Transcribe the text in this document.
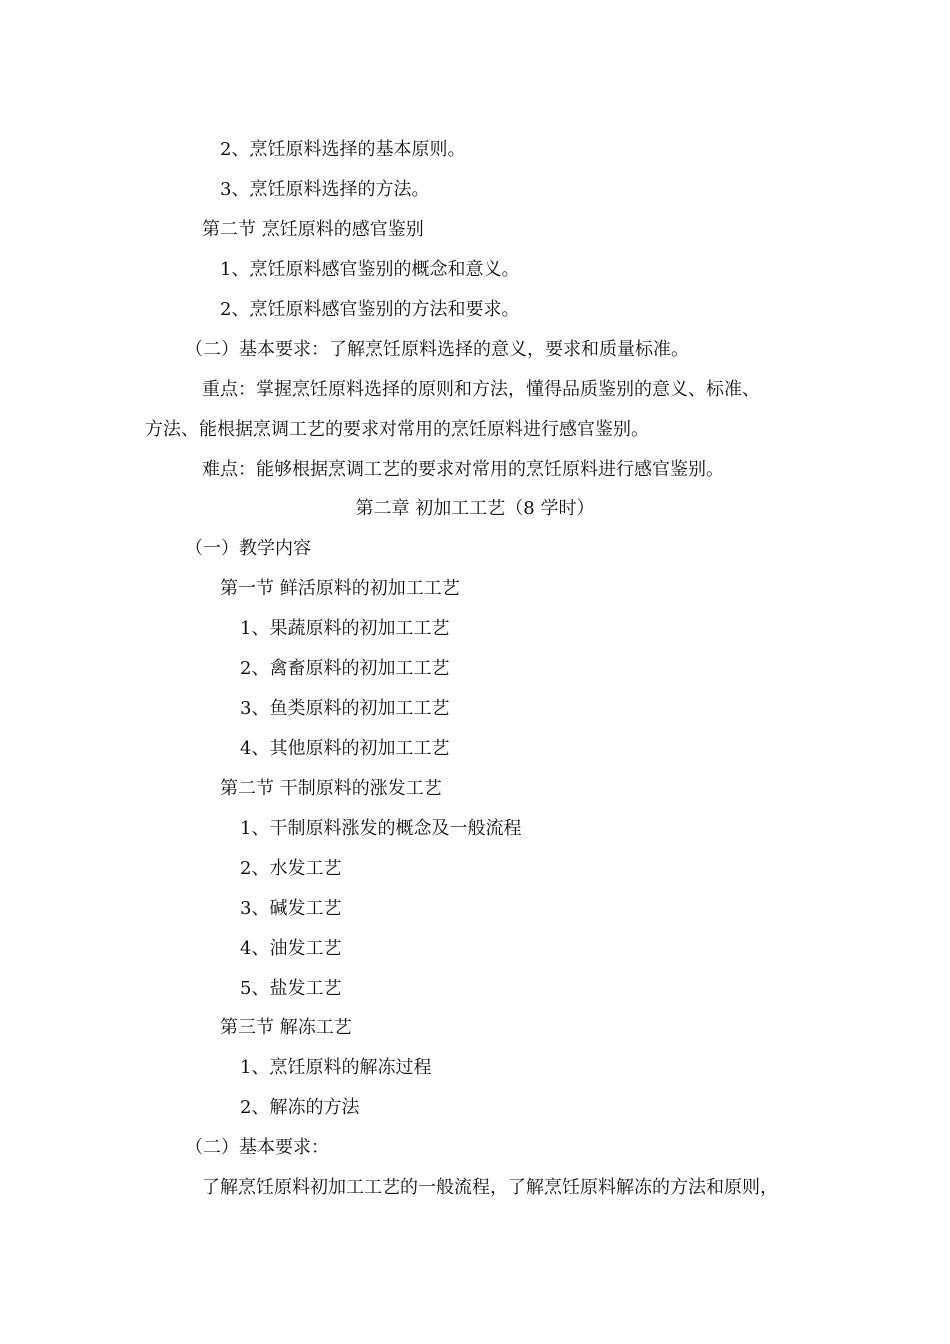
2、烹饪原料选择的基本原则。
3、烹饪原料选择的方法。
第二节 烹饪原料的感官鉴别
1、烹饪原料感官鉴别的概念和意义。
2、烹饪原料感官鉴别的方法和要求。
（二）基本要求：了解烹饪原料选择的意义，要求和质量标准。
重点：掌握烹饪原料选择的原则和方法，懂得品质鉴别的意义、标准、
方法、能根据烹调工艺的要求对常用的烹饪原料进行感官鉴别。
难点：能够根据烹调工艺的要求对常用的烹饪原料进行感官鉴别。
第二章 初加工工艺（8 学时）
（一）教学内容
第一节 鲜活原料的初加工工艺
1、果蔬原料的初加工工艺
2、禽畜原料的初加工工艺
3、鱼类原料的初加工工艺
4、其他原料的初加工工艺
第二节 干制原料的涨发工艺
1、干制原料涨发的概念及一般流程
2、水发工艺
3、碱发工艺
4、油发工艺
5、盐发工艺
第三节 解冻工艺
1、烹饪原料的解冻过程
2、解冻的方法
（二）基本要求：
了解烹饪原料初加工工艺的一般流程，了解烹饪原料解冻的方法和原则，
